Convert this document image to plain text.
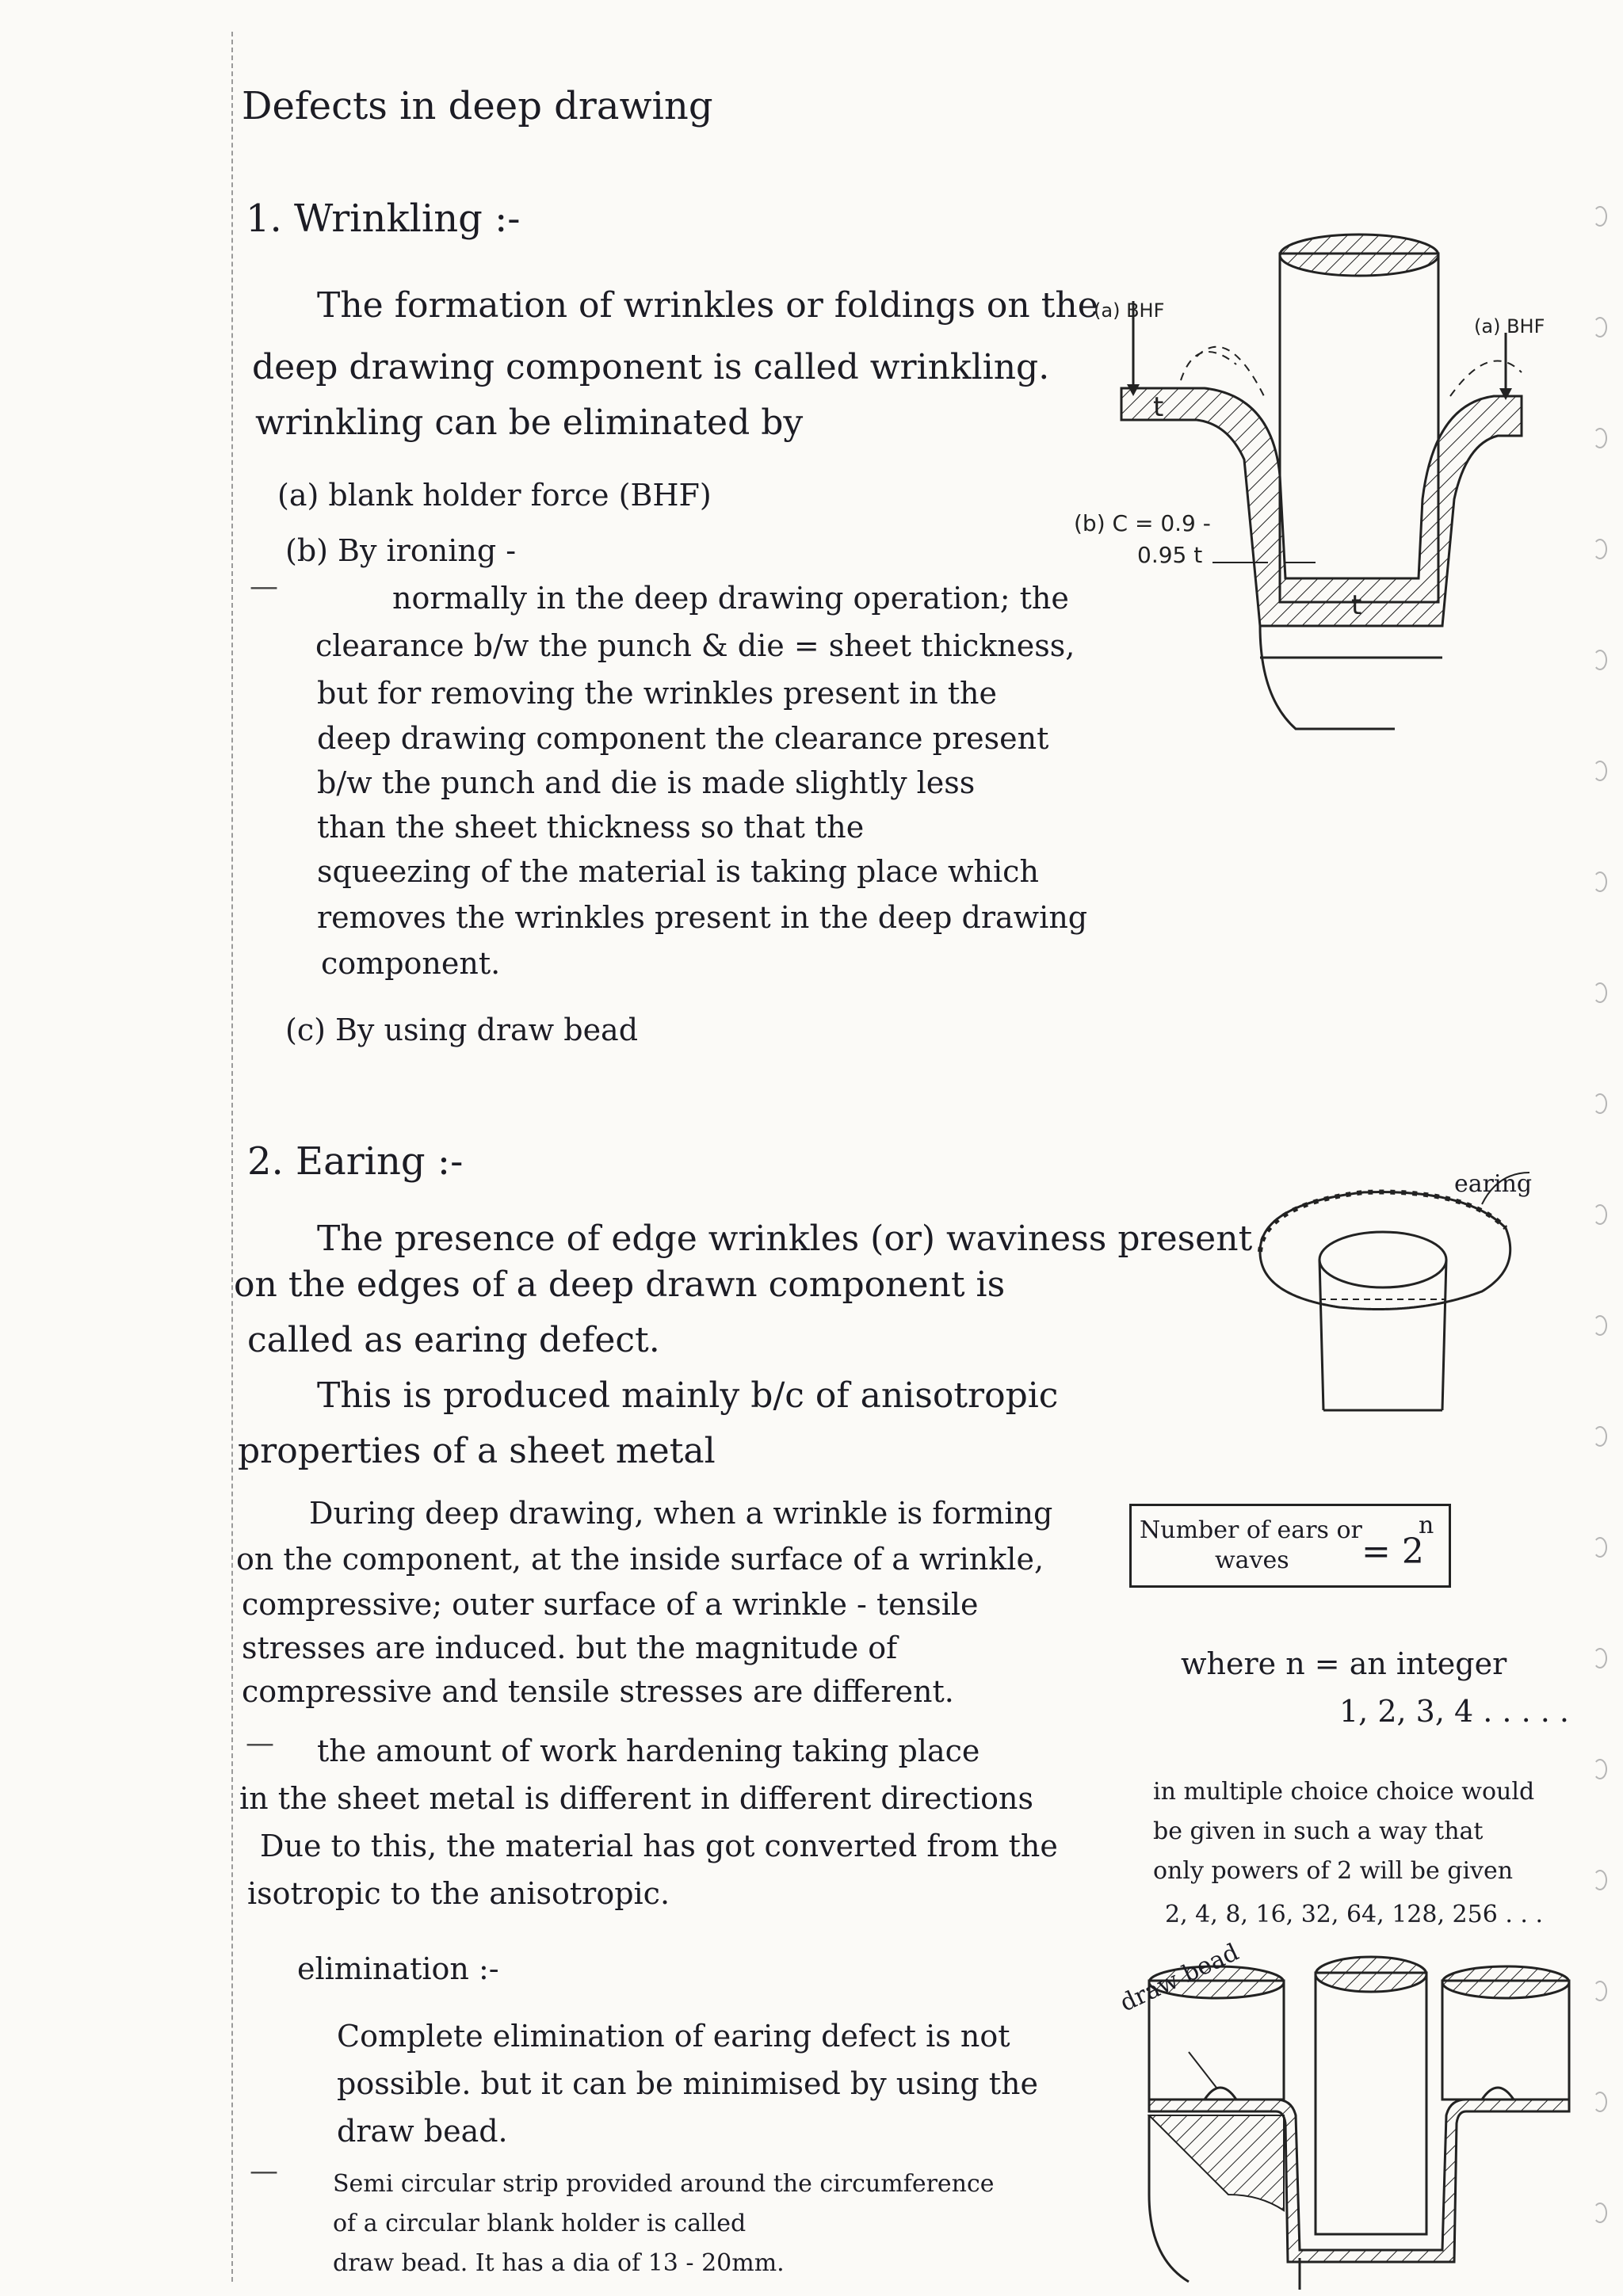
Defects in deep drawing
1. Wrinkling :-
The formation of wrinkles or foldings on the
deep drawing component is called wrinkling.
wrinkling can be eliminated by
(a) blank holder force (BHF)
(b) By ironing -
—	normally in the deep drawing operation; the
clearance b/w the punch & die = sheet thickness,
but for removing the wrinkles present in the
deep drawing component the clearance present
b/w the punch and die is made slightly less
than the sheet thickness so that the
squeezing of the material is taking place which
removes the wrinkles present in the deep drawing
component.
(c) By using draw bead
t
t
(a) BHF
(a) BHF
(b) C = 0.9 -
0.95 t
2. Earing :-
The presence of edge wrinkles (or) waviness present
on the edges of a deep drawn component is
called as earing defect.
This is produced mainly b/c of anisotropic
properties of a sheet metal
During deep drawing, when a wrinkle is forming
on the component, at the inside surface of a wrinkle,
compressive; outer surface of a wrinkle - tensile
stresses are induced. but the magnitude of
compressive and tensile stresses are different.
— the amount of work hardening taking place
in the sheet metal is different in different directions
Due to this, the material has got converted from the
isotropic to the anisotropic.
earing
Number of ears or
waves = 2
n
where n = an integer
1, 2, 3, 4 . . . . .
in multiple choice choice would
be given in such a way that
only powers of 2 will be given
2, 4, 8, 16, 32, 64, 128, 256 . . .
elimination :-
Complete elimination of earing defect is not
possible. but it can be minimised by using the
draw bead.
— Semi circular strip provided around the circumference
of a circular blank holder is called
draw bead. It has a dia of 13 - 20mm.
draw bead
